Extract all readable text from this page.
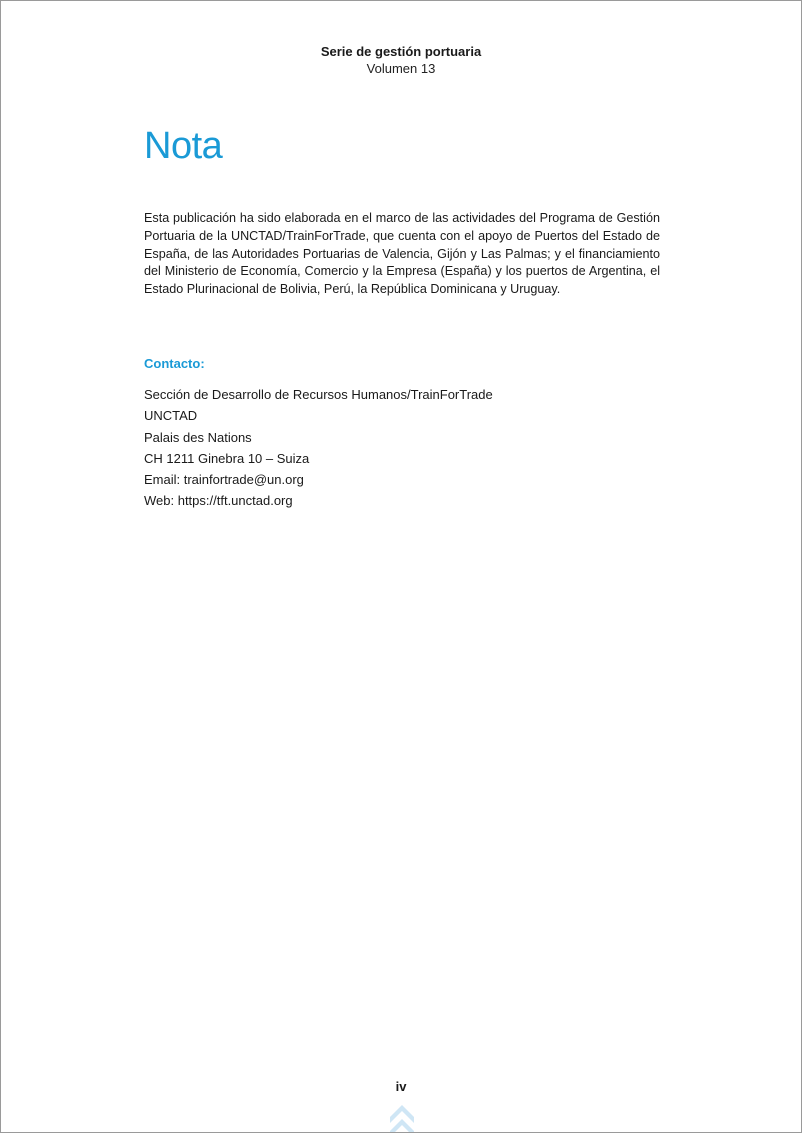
Serie de gestión portuaria
Volumen 13
Nota

Esta publicación ha sido elaborada en el marco de las actividades del Programa de Gestión Portuaria de la UNCTAD/TrainForTrade, que cuenta con el apoyo de Puertos del Estado de España, de las Autoridades Portuarias de Valencia, Gijón y Las Palmas; y el financiamiento del Ministerio de Economía, Comercio y la Empresa (España) y los puertos de Argentina, el Estado Plurinacional de Bolivia, Perú, la República Dominicana y Uruguay.

Contacto:
Sección de Desarrollo de Recursos Humanos/TrainForTrade
UNCTAD
Palais des Nations
CH 1211 Ginebra 10 – Suiza
Email: trainfortrade@un.org
Web: https://tft.unctad.org
iv
